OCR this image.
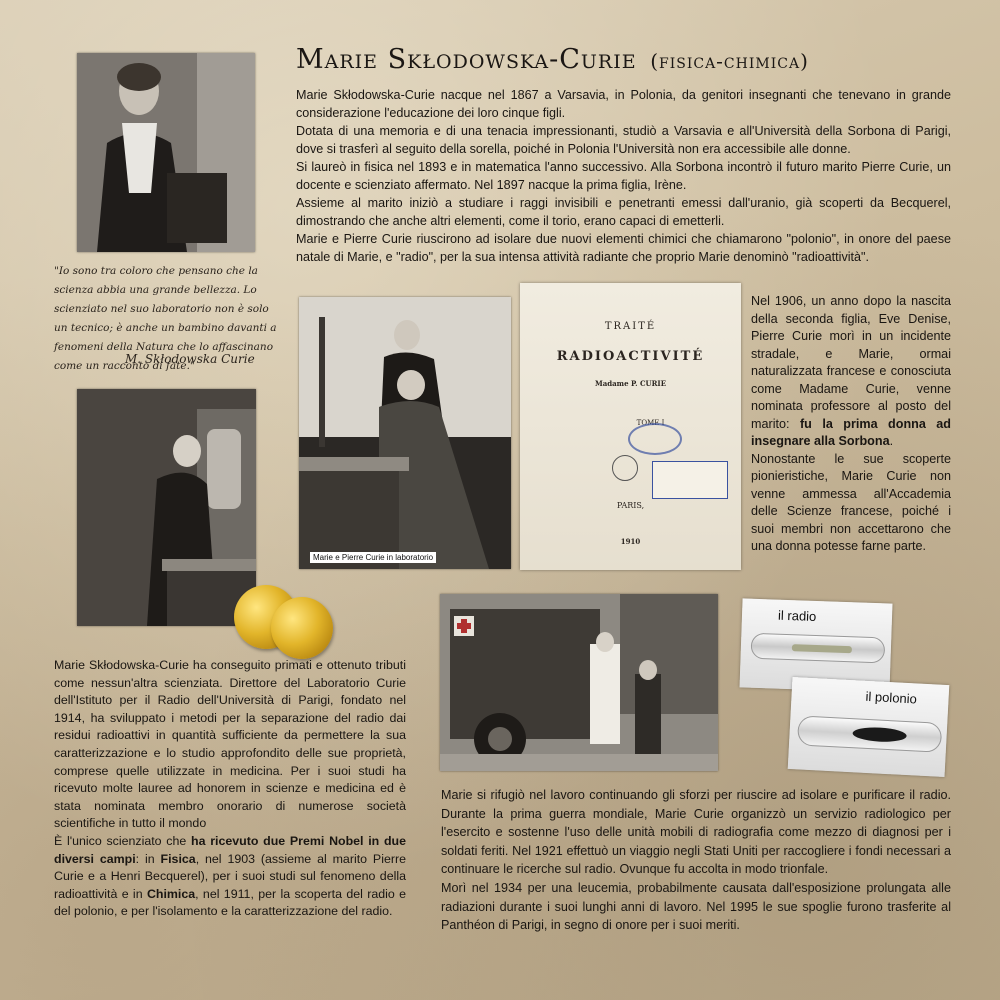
Marie Skłodowska-Curie (fisica-chimica)

Marie Skłodowska-Curie nacque nel 1867 a Varsavia, in Polonia, da genitori insegnanti che tenevano in grande considerazione l'educazione dei loro cinque figli.

Dotata di una memoria e di una tenacia impressionanti, studiò a Varsavia e all'Università della Sorbona di Parigi, dove si trasferì al seguito della sorella, poiché in Polonia l'Università non era accessibile alle donne.

Si laureò in fisica nel 1893 e in matematica l'anno successivo. Alla Sorbona incontrò il futuro marito Pierre Curie, un docente e scienziato affermato. Nel 1897 nacque la prima figlia, Irène.

Assieme al marito iniziò a studiare i raggi invisibili e penetranti emessi dall'uranio, già scoperti da Becquerel, dimostrando che anche altri elementi, come il torio, erano capaci di emetterli.

Marie e Pierre Curie riuscirono ad isolare due nuovi elementi chimici che chiamarono "polonio", in onore del paese natale di Marie, e "radio", per la sua intensa attività radiante che proprio Marie denominò "radioattività".

"Io sono tra coloro che pensano che la scienza abbia una grande bellezza. Lo scienziato nel suo laboratorio non è solo un tecnico; è anche un bambino davanti a fenomeni della Natura che lo affascinano come un racconto di fate."
M. Skłodowska Curie
Marie e Pierre Curie in laboratorio
TRAITÉ
RADIOACTIVITÉ
Madame P. CURIE
TOME I
PARIS,
1910

Nel 1906, un anno dopo la nascita della seconda figlia, Eve Denise, Pierre Curie morì in un incidente stradale, e Marie, ormai naturalizzata francese e conosciuta come Madame Curie, venne nominata professore al posto del marito: fu la prima donna ad insegnare alla Sorbona.

Nonostante le sue scoperte pionieristiche, Marie Curie non venne ammessa all'Accademia delle Scienze francese, poiché i suoi membri non accettarono che una donna potesse farne parte.

Marie Skłodowska-Curie ha conseguito primati e ottenuto tributi come nessun'altra scienziata. Direttore del Laboratorio Curie dell'Istituto per il Radio dell'Università di Parigi, fondato nel 1914, ha sviluppato i metodi per la separazione del radio dai residui radioattivi in quantità sufficiente da permettere la sua caratterizzazione e lo studio approfondito delle sue proprietà, comprese quelle utilizzate in medicina. Per i suoi studi ha ricevuto molte lauree ad honorem in scienze e medicina ed è stata nominata membro onorario di numerose società scientifiche in tutto il mondo

È l'unico scienziato che ha ricevuto due Premi Nobel in due diversi campi: in Fisica, nel 1903 (assieme al marito Pierre Curie e a Henri Becquerel), per i suoi studi sul fenomeno della radioattività e in Chimica, nel 1911, per la scoperta del radio e del polonio, e per l'isolamento e la caratterizzazione del radio.

il radio
il polonio

Marie si rifugiò nel lavoro continuando gli sforzi per riuscire ad isolare e purificare il radio. Durante la prima guerra mondiale, Marie Curie organizzò un servizio radiologico per l'esercito e sostenne l'uso delle unità mobili di radiografia come mezzo di diagnosi per i soldati feriti. Nel 1921 effettuò un viaggio negli Stati Uniti per raccogliere i fondi necessari a continuare le ricerche sul radio. Ovunque fu accolta in modo trionfale.

Morì nel 1934 per una leucemia, probabilmente causata dall'esposizione prolungata alle radiazioni durante i suoi lunghi anni di lavoro. Nel 1995 le sue spoglie furono trasferite al Panthéon di Parigi, in segno di onore per i suoi meriti.
